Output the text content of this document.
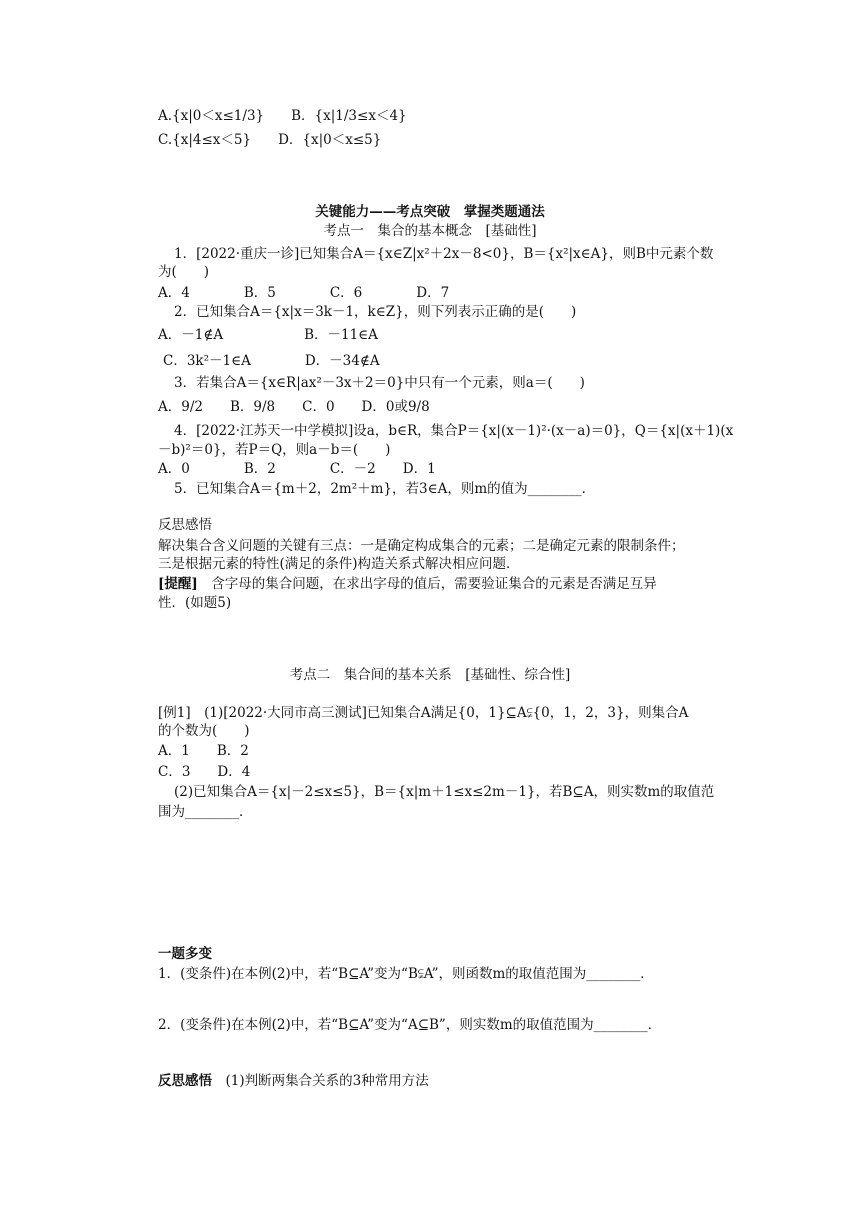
A.{x|0＜x≤1/3}　　B．{x|1/3≤x＜4}
C.{x|4≤x＜5}　　D．{x|0＜x≤5}
关键能力——考点突破　掌握类题通法
考点一　集合的基本概念　[基础性]
1．[2022·重庆一诊]已知集合A＝{x∈Z|x²＋2x－8<0}，B＝{x²|x∈A}，则B中元素个数
为(　　)
A．4　　　　B．5　　　　C．6　　　　D．7
2．已知集合A＝{x|x＝3k－1，k∈Z}，则下列表示正确的是(　　)
A．－1∉A　　　　　　B．－11∈A
C．3k²－1∈A　　　　D．－34∉A
3．若集合A＝{x∈R|ax²－3x＋2＝0}中只有一个元素，则a＝(　　)
A．9/2　　B．9/8　　C．0　　D．0或9/8
4．[2022·江苏天一中学模拟]设a，b∈R，集合P＝{x|(x－1)²·(x－a)＝0}，Q＝{x|(x＋1)(x
－b)²＝0}，若P＝Q，则a－b＝(　　)
A．0　　　　B．2　　　　C．－2　　D．1
5．已知集合A＝{m＋2，2m²＋m}，若3∈A，则m的值为________．
反思感悟
解决集合含义问题的关键有三点：一是确定构成集合的元素；二是确定元素的限制条件；
三是根据元素的特性(满足的条件)构造关系式解决相应问题．
[提醒]　含字母的集合问题，在求出字母的值后，需要验证集合的元素是否满足互异
性．(如题5)
考点二　集合间的基本关系　[基础性、综合性]
[例1]　(1)[2022·大同市高三测试]已知集合A满足{0，1}⊆A⫋{0，1，2，3}，则集合A
的个数为(　　)
A．1　　B．2
C．3　　D．4
(2)已知集合A＝{x|－2≤x≤5}，B＝{x|m＋1≤x≤2m－1}，若B⊆A，则实数m的取值范
围为________．
一题多变
1．(变条件)在本例(2)中，若“B⊆A”变为“B⫋A”，则函数m的取值范围为________．
2．(变条件)在本例(2)中，若“B⊆A”变为“A⊆B”，则实数m的取值范围为________．
反思感悟　(1)判断两集合关系的3种常用方法
